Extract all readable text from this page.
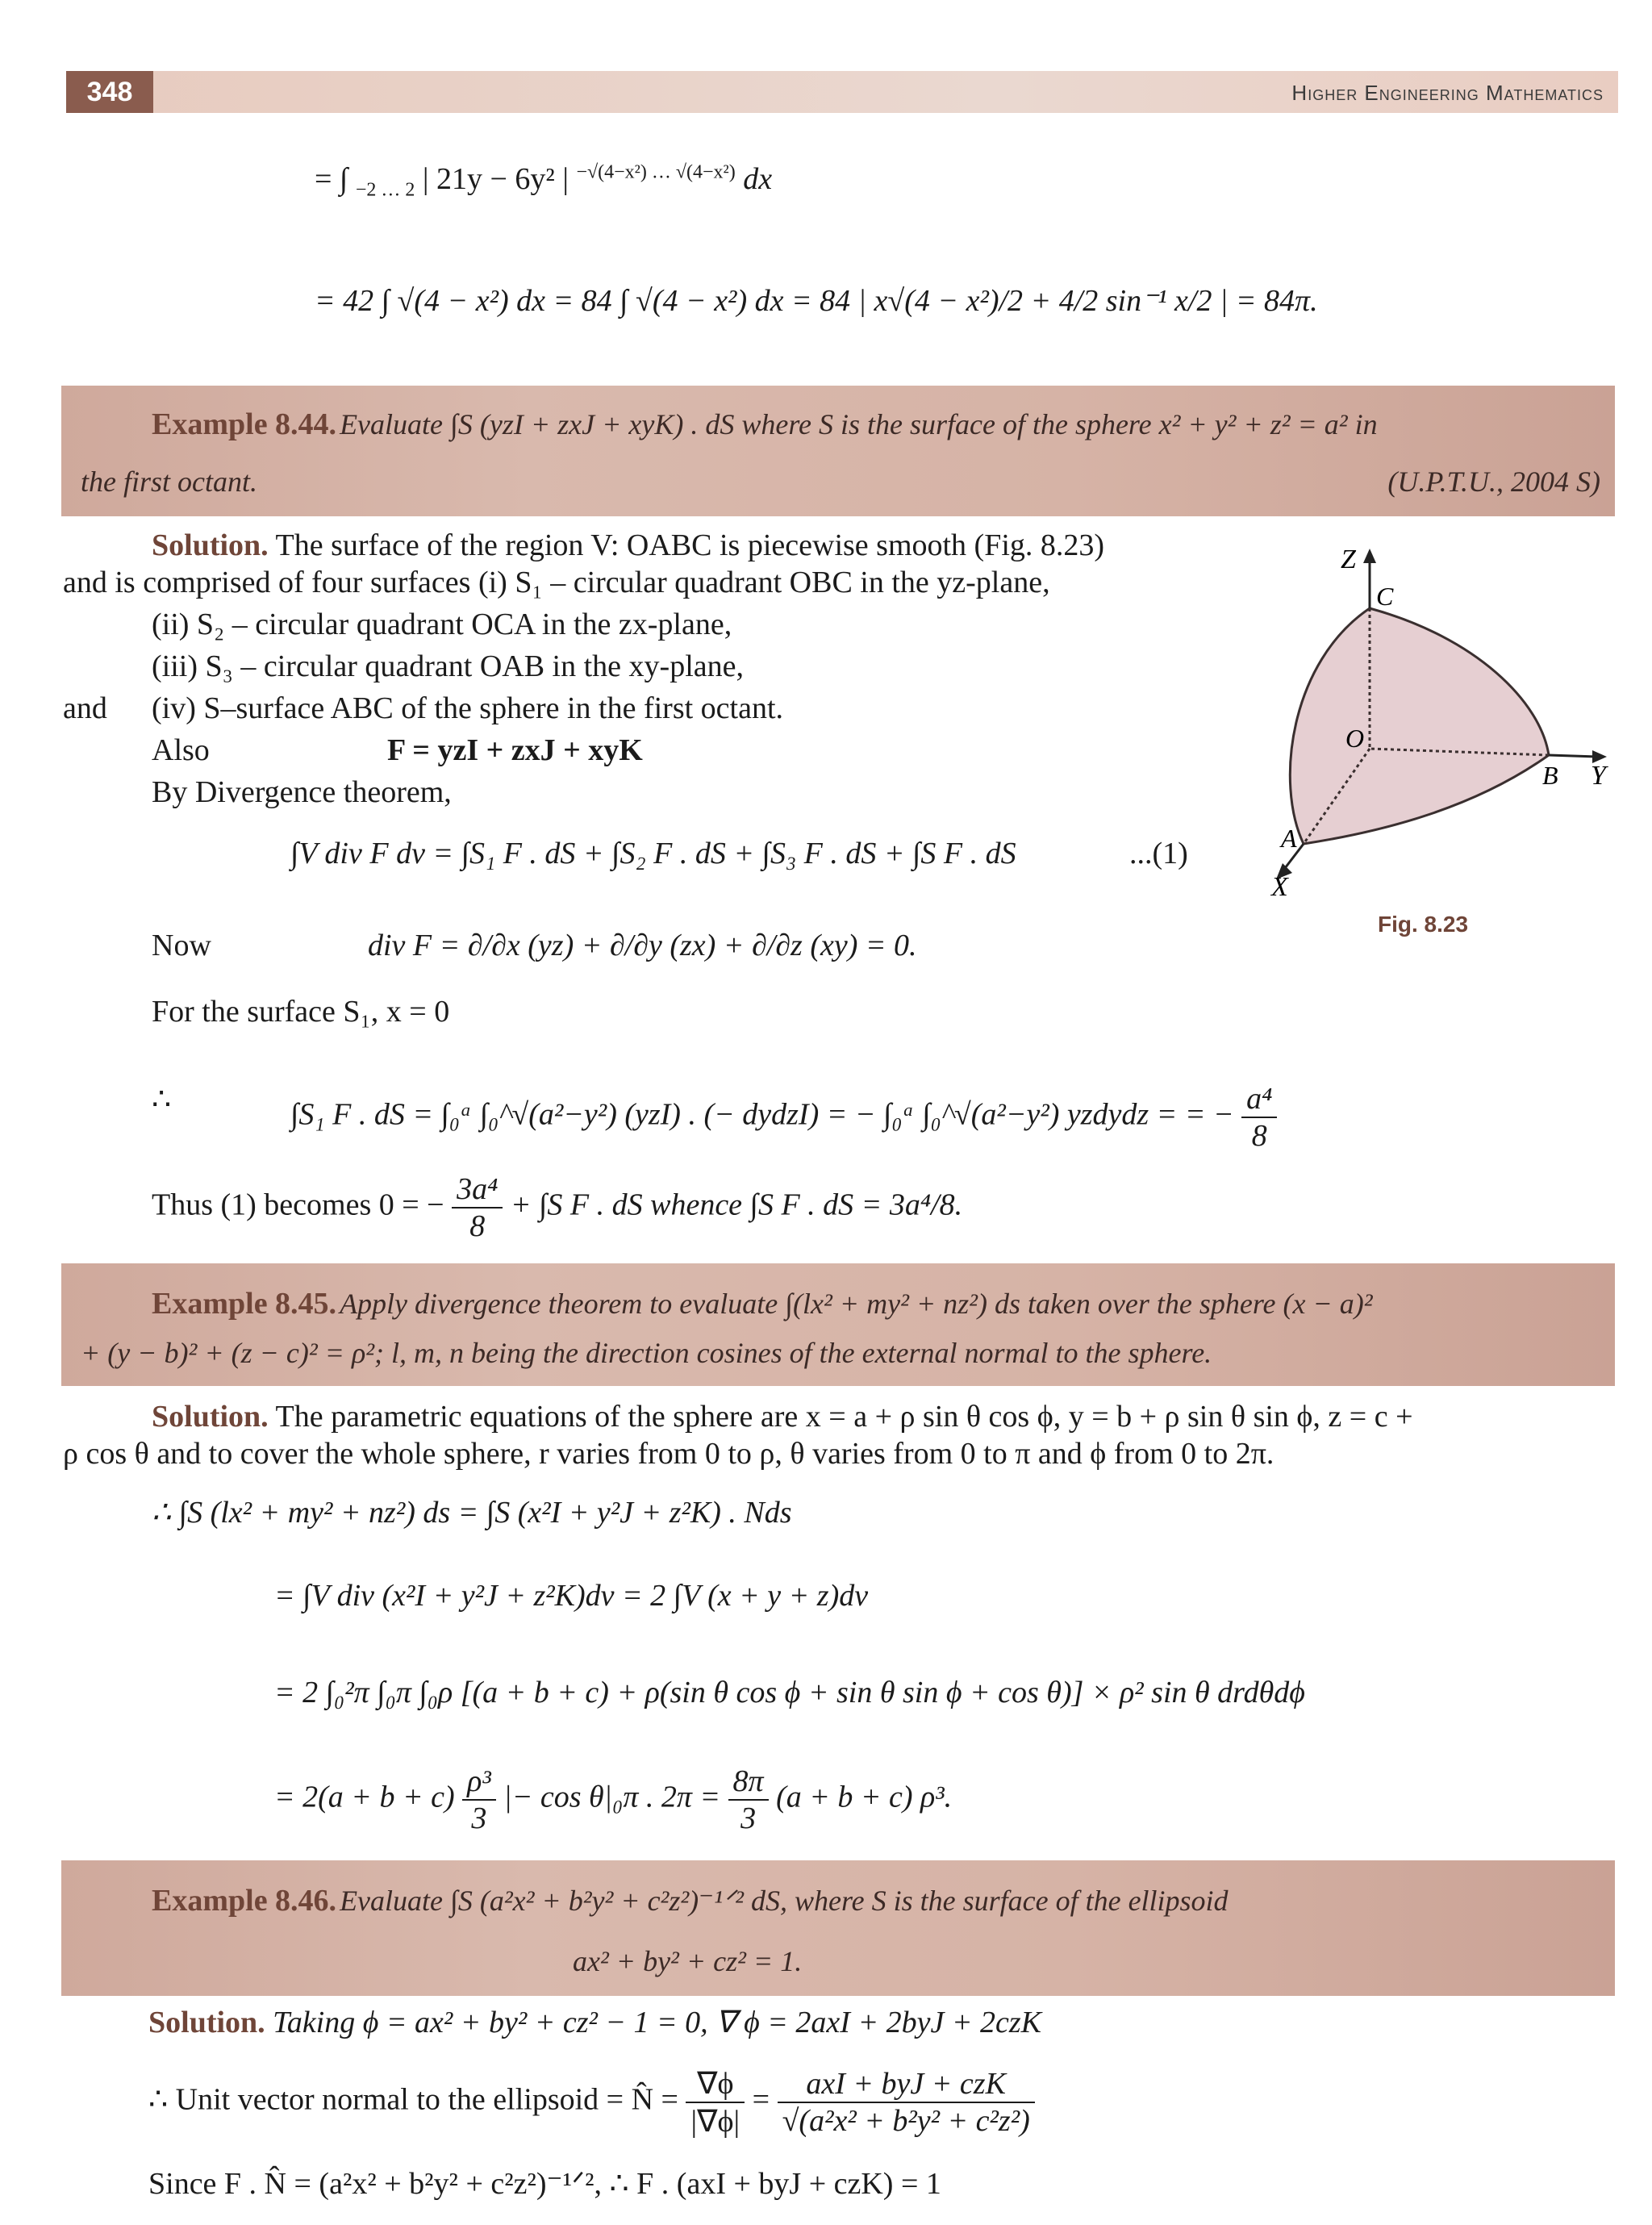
348	Higher Engineering Mathematics
= ∫ $_{-2 \dots 2}$ | 21y − 6y² | $^{-√(4-x^2) \dots √(4-x^2)}$ dx
= 42 ∫ √(4 − x²) dx = 84 ∫ √(4 − x²) dx = 84 | x√(4 − x²)/2 + 4/2 sin⁻¹ x/2 | = 84π.
Example 8.44. Evaluate ∫S (yzI + zxJ + xyK) . dS where S is the surface of the sphere x² + y² + z² = a² in
the first octant.	(U.P.T.U., 2004 S)
Solution. The surface of the region V: OABC is piecewise smooth (Fig. 8.23)
and is comprised of four surfaces (i) S₁ – circular quadrant OBC in the yz-plane,
(ii) S₂ – circular quadrant OCA in the zx-plane,
(iii) S₃ – circular quadrant OAB in the xy-plane,
and (iv) S–surface ABC of the sphere in the first octant.
Also	F = yzI + zxJ + xyK
By Divergence theorem,
∫V div F dv = ∫S₁ F . dS + ∫S₂ F . dS + ∫S₃ F . dS + ∫S F . dS	...(1)
Now	div F = ∂/∂x (yz) + ∂/∂y (zx) + ∂/∂z (xy) = 0.
For the surface S₁, x = 0
∴	∫S₁ F . dS = ∫₀ᵃ ∫₀^√(a²−y²) (yzI) . (− dydzI) = − ∫₀ᵃ ∫₀^√(a²−y²) yzdydz = = − $\frac{\text{a⁴}}{8}$
Thus (1) becomes 0 = − $\frac{\text{3a⁴}}{8} + \int S$ F . dS whence ∫S F . dS = 3a⁴/8.
Z
Y
X
C
O
B
A
Fig. 8.23
Example 8.45. Apply divergence theorem to evaluate ∫(lx² + my² + nz²) ds taken over the sphere (x − a)²
+ (y − b)² + (z − c)² = ρ²; l, m, n being the direction cosines of the external normal to the sphere.
Solution. The parametric equations of the sphere are x = a + ρ sin θ cos ϕ, y = b + ρ sin θ sin ϕ, z = c +
ρ cos θ and to cover the whole sphere, r varies from 0 to ρ, θ varies from 0 to π and ϕ from 0 to 2π.
∴ ∫S (lx² + my² + nz²) ds = ∫S (x²I + y²J + z²K) . Nds
= ∫V div (x²I + y²J + z²K)dv = 2 ∫V (x + y + z)dv
= 2 ∫₀²π ∫₀π ∫₀ρ [(a + b + c) + ρ(sin θ cos ϕ + sin θ sin ϕ + cos θ)] × ρ² sin θ drdθdϕ
= $2(a + b + c) \frac{\text{ρ³}}{3}$ |− cos θ|₀π . $2\pi = \frac{8\pi}{3} (a + b + c)$ ρ³.
Example 8.46. Evaluate ∫S (a²x² + b²y² + c²z²)⁻¹ᐟ² dS, where S is the surface of the ellipsoid
ax² + by² + cz² = 1.
Solution. Taking ϕ = ax² + by² + cz² − 1 = 0, ∇ ϕ = 2axI + 2byJ + 2czK
∴ Unit vector normal to the ellipsoid = N̂ = $\frac{\nabla\phi}{|\nabla\phi|} = \frac{\text{axI + byJ + czK}}{\text{√(a²x² + b²y² + c²z²)}}$
Since F . N̂ = (a²x² + b²y² + c²z²)⁻¹ᐟ², ∴ F . (axI + byJ + czK) = 1
